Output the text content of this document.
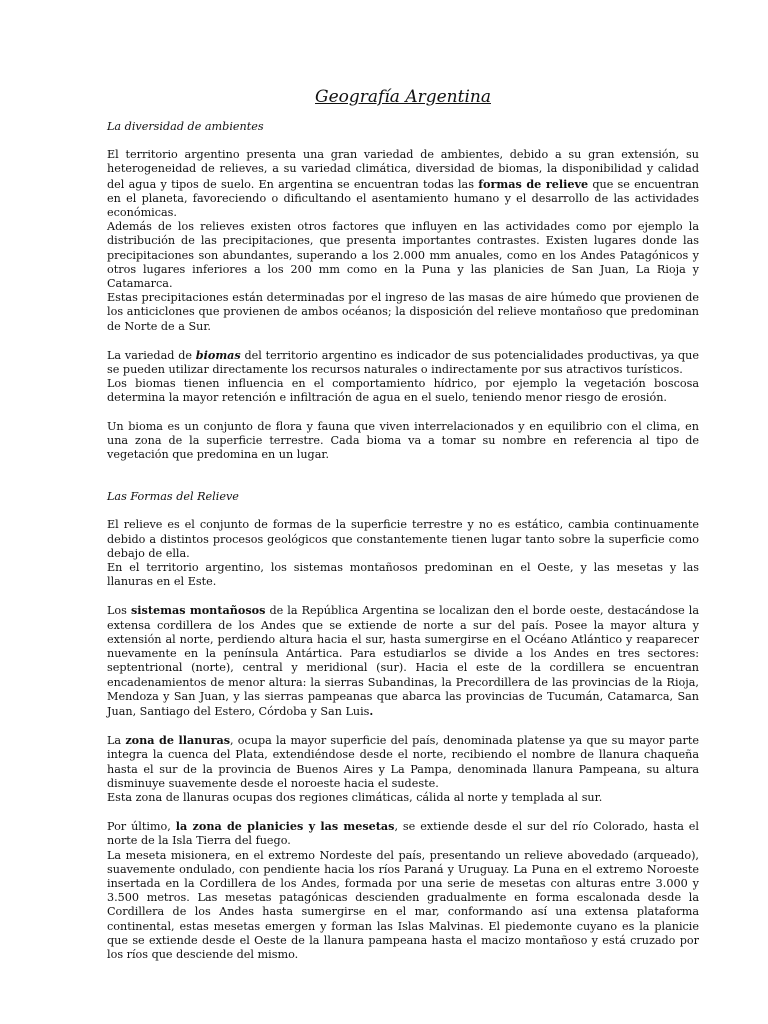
Geografía Argentina
La diversidad de ambientes
El territorio argentino presenta una gran variedad de ambientes, debido a su gran extensión, su heterogeneidad de relieves, a su variedad climática, diversidad de biomas, la disponibilidad y calidad del agua y tipos de suelo. En argentina se encuentran todas las formas de relieve que se encuentran en el planeta, favoreciendo o dificultando el asentamiento humano y el desarrollo de las actividades económicas.
Además de los relieves existen otros factores que influyen en las actividades como por ejemplo la distribución de las precipitaciones, que presenta importantes contrastes. Existen lugares donde las precipitaciones son abundantes, superando a los 2.000 mm anuales, como en los Andes Patagónicos y otros lugares inferiores a los 200 mm como en la Puna y las planicies de San Juan, La Rioja y Catamarca.
Estas precipitaciones están determinadas por el ingreso de las masas de aire húmedo que provienen de los anticiclones que provienen de ambos océanos; la disposición del relieve montañoso que predominan de Norte de a Sur.
La variedad de biomas del territorio argentino es indicador de sus potencialidades productivas, ya que se pueden utilizar directamente los recursos naturales o indirectamente por sus atractivos turísticos.
Los biomas tienen influencia en el comportamiento hídrico, por ejemplo la vegetación boscosa determina la mayor retención e infiltración de agua en el suelo, teniendo menor riesgo de erosión.
Un bioma es un conjunto de flora y fauna que viven interrelacionados y en equilibrio con el clima, en una zona de la superficie terrestre. Cada bioma va a tomar su nombre en referencia al tipo de vegetación que predomina en un lugar.
Las Formas del Relieve
El relieve es el conjunto de formas de la superficie terrestre y no es estático, cambia continuamente debido a distintos procesos geológicos que constantemente tienen lugar tanto sobre la superficie como debajo de ella.
En el territorio argentino, los sistemas montañosos predominan en el Oeste, y las mesetas y las llanuras en el Este.
Los sistemas montañosos de la República Argentina se localizan den el borde oeste, destacándose la extensa cordillera de los Andes que se extiende de norte a sur del país. Posee la mayor altura y extensión al norte, perdiendo altura hacia el sur, hasta sumergirse en el Océano Atlántico y reaparecer nuevamente en la península Antártica. Para estudiarlos se divide a los Andes en tres sectores: septentrional (norte), central y meridional (sur). Hacia el este de la cordillera se encuentran encadenamientos de menor altura: la sierras Subandinas, la Precordillera de las provincias de la Rioja, Mendoza y San Juan, y las sierras pampeanas que abarca las provincias de Tucumán, Catamarca, San Juan, Santiago del Estero, Córdoba y San Luis.
La zona de llanuras, ocupa la mayor superficie del país, denominada platense ya que su mayor parte integra la cuenca del Plata, extendiéndose desde el norte, recibiendo el nombre de llanura chaqueña hasta el sur de la provincia de Buenos Aires y La Pampa, denominada llanura Pampeana, su altura disminuye suavemente desde el noroeste hacia el sudeste.
Esta zona de llanuras ocupas dos regiones climáticas, cálida al norte y templada al sur.
Por último, la zona de planicies y las mesetas, se extiende desde el sur del río Colorado, hasta el norte de la Isla Tierra del fuego.
La meseta misionera, en el extremo Nordeste del país, presentando un relieve abovedado (arqueado), suavemente ondulado, con pendiente hacia los ríos Paraná y Uruguay. La Puna en el extremo Noroeste insertada en la Cordillera de los Andes, formada por una serie de mesetas con alturas entre 3.000 y 3.500 metros. Las mesetas patagónicas descienden gradualmente en forma escalonada desde la Cordillera de los Andes hasta sumergirse en el mar, conformando así una extensa plataforma continental, estas mesetas emergen y forman las Islas Malvinas. El piedemonte cuyano es la planicie que se extiende desde el Oeste de la llanura pampeana hasta el macizo montañoso y está cruzado por los ríos que desciende del mismo.
